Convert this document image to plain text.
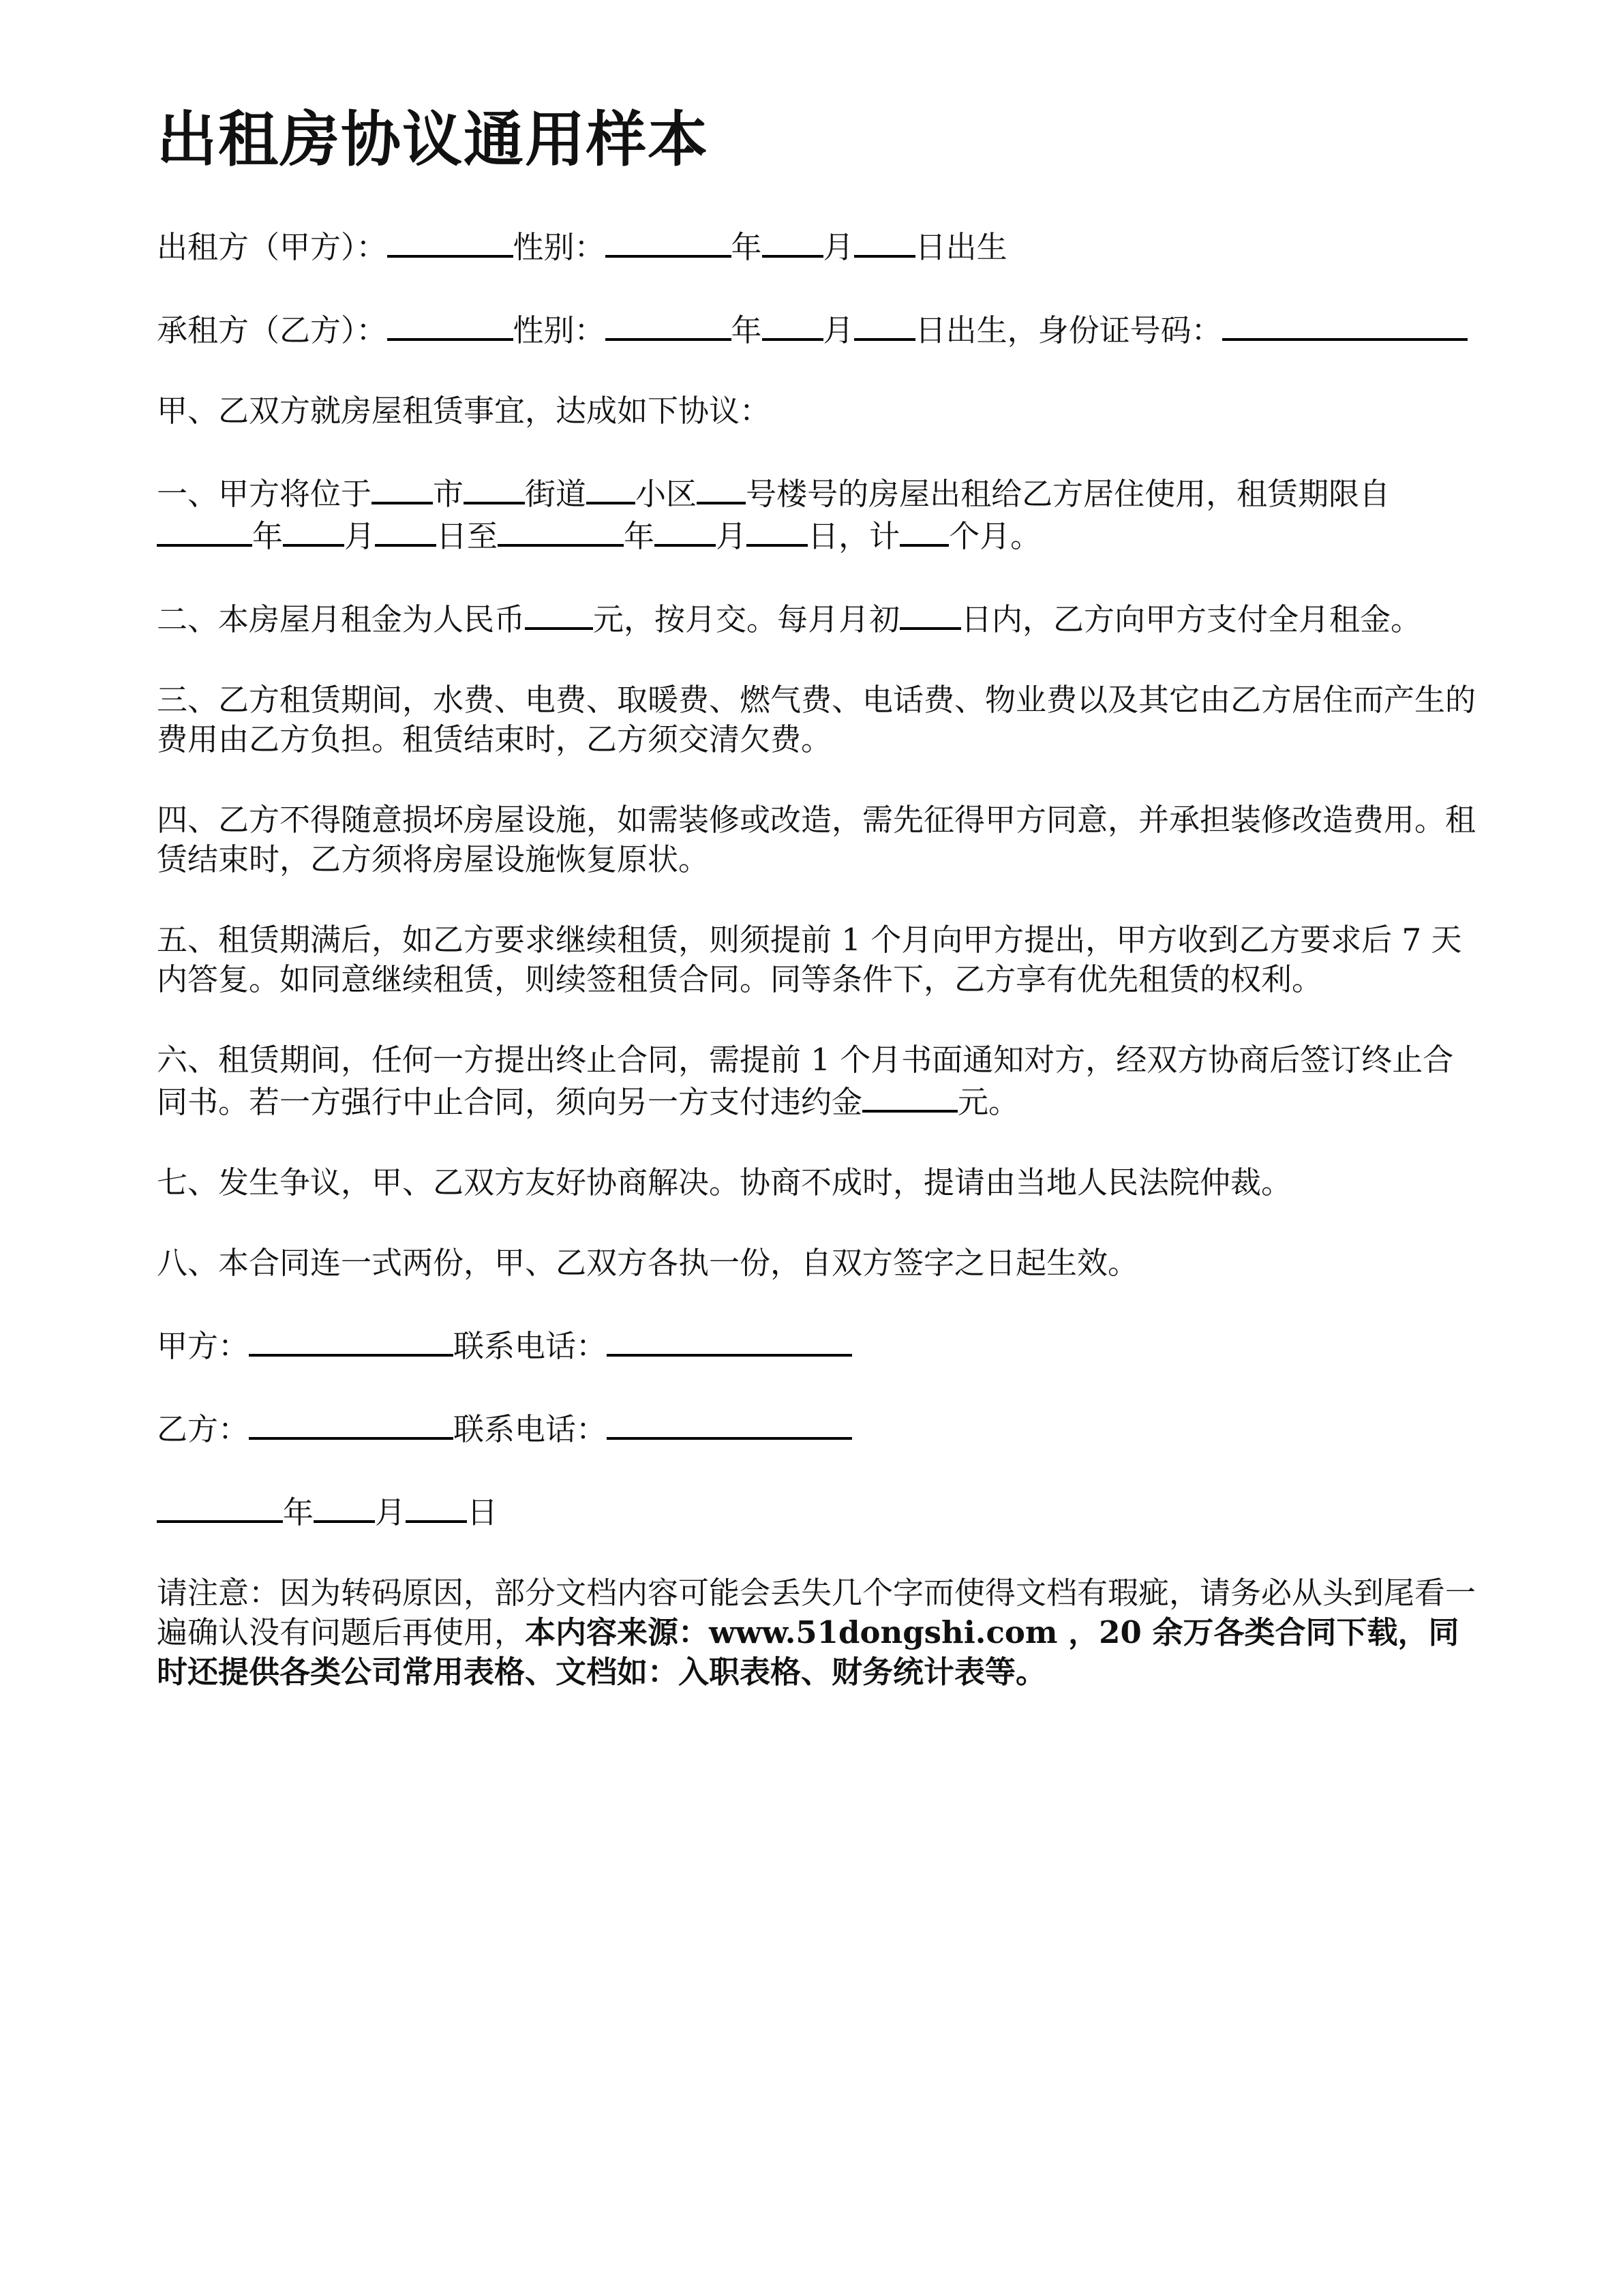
出租房协议通用样本

出租方（甲方）：	性别：	年 月 日出生

承租方（乙方）：	性别：	年 月 日出生，身份证号码：

甲、乙双方就房屋租赁事宜，达成如下协议：

一、甲方将位于 市 街道 小区 号楼号的房屋出租给乙方居住使用，租赁期限自年 月 日至	年 月 日，计 个月。

二、本房屋月租金为人民币 元，按月交。每月月初 日内，乙方向甲方支付全月租金。

三、乙方租赁期间，水费、电费、取暖费、燃气费、电话费、物业费以及其它由乙方居住而产生的费用由乙方负担。租赁结束时，乙方须交清欠费。

四、乙方不得随意损坏房屋设施，如需装修或改造，需先征得甲方同意，并承担装修改造费用。租赁结束时，乙方须将房屋设施恢复原状。

五、租赁期满后，如乙方要求继续租赁，则须提前 1 个月向甲方提出，甲方收到乙方要求后 7 天内答复。如同意继续租赁，则续签租赁合同。同等条件下，乙方享有优先租赁的权利。

六、租赁期间，任何一方提出终止合同，需提前 1 个月书面通知对方，经双方协商后签订终止合同书。若一方强行中止合同，须向另一方支付违约金	元。

七、发生争议，甲、乙双方友好协商解决。协商不成时，提请由当地人民法院仲裁。

八、本合同连一式两份，甲、乙双方各执一份，自双方签字之日起生效。

甲方：	联系电话：

乙方：	联系电话：

年 月 日

请注意：因为转码原因，部分文档内容可能会丢失几个字而使得文档有瑕疵，请务必从头到尾看一遍确认没有问题后再使用，本内容来源：www.51dongshi.com ，20 余万各类合同下载，同时还提供各类公司常用表格、文档如：入职表格、财务统计表等。
